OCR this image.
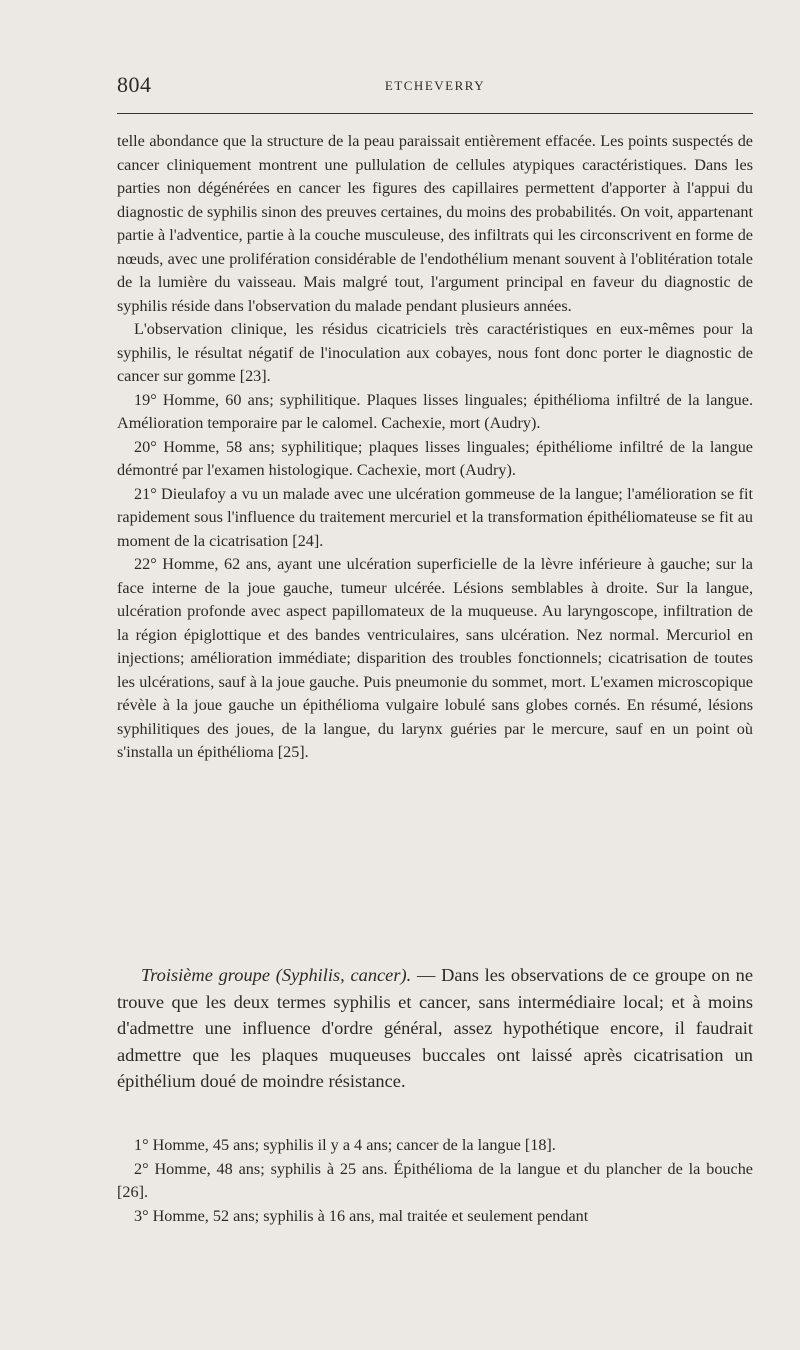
804	ETCHEVERRY

telle abondance que la structure de la peau paraissait entièrement effacée. Les points suspectés de cancer cliniquement montrent une pullulation de cellules atypiques caractéristiques. Dans les parties non dégénérées en cancer les figures des capillaires permettent d'apporter à l'appui du diagnostic de syphilis sinon des preuves certaines, du moins des probabilités. On voit, appartenant partie à l'adventice, partie à la couche musculeuse, des infiltrats qui les circonscrivent en forme de nœuds, avec une prolifération considérable de l'endothélium menant souvent à l'oblitération totale de la lumière du vaisseau. Mais malgré tout, l'argument principal en faveur du diagnostic de syphilis réside dans l'observation du malade pendant plusieurs années.

L'observation clinique, les résidus cicatriciels très caractéristiques en eux-mêmes pour la syphilis, le résultat négatif de l'inoculation aux cobayes, nous font donc porter le diagnostic de cancer sur gomme [23].

19° Homme, 60 ans; syphilitique. Plaques lisses linguales; épithélioma infiltré de la langue. Amélioration temporaire par le calomel. Cachexie, mort (Audry).

20° Homme, 58 ans; syphilitique; plaques lisses linguales; épithéliome infiltré de la langue démontré par l'examen histologique. Cachexie, mort (Audry).

21° Dieulafoy a vu un malade avec une ulcération gommeuse de la langue; l'amélioration se fit rapidement sous l'influence du traitement mercuriel et la transformation épithéliomateuse se fit au moment de la cicatrisation [24].

22° Homme, 62 ans, ayant une ulcération superficielle de la lèvre inférieure à gauche; sur la face interne de la joue gauche, tumeur ulcérée. Lésions semblables à droite. Sur la langue, ulcération profonde avec aspect papillomateux de la muqueuse. Au laryngoscope, infiltration de la région épiglottique et des bandes ventriculaires, sans ulcération. Nez normal. Mercuriol en injections; amélioration immédiate; disparition des troubles fonctionnels; cicatrisation de toutes les ulcérations, sauf à la joue gauche. Puis pneumonie du sommet, mort. L'examen microscopique révèle à la joue gauche un épithélioma vulgaire lobulé sans globes cornés. En résumé, lésions syphilitiques des joues, de la langue, du larynx guéries par le mercure, sauf en un point où s'installa un épithélioma [25].

Troisième groupe (Syphilis, cancer). — Dans les observations de ce groupe on ne trouve que les deux termes syphilis et cancer, sans intermédiaire local; et à moins d'admettre une influence d'ordre général, assez hypothétique encore, il faudrait admettre que les plaques muqueuses buccales ont laissé après cicatrisation un épithélium doué de moindre résistance.

1° Homme, 45 ans; syphilis il y a 4 ans; cancer de la langue [18].

2° Homme, 48 ans; syphilis à 25 ans. Épithélioma de la langue et du plancher de la bouche [26].

3° Homme, 52 ans; syphilis à 16 ans, mal traitée et seulement pendant
